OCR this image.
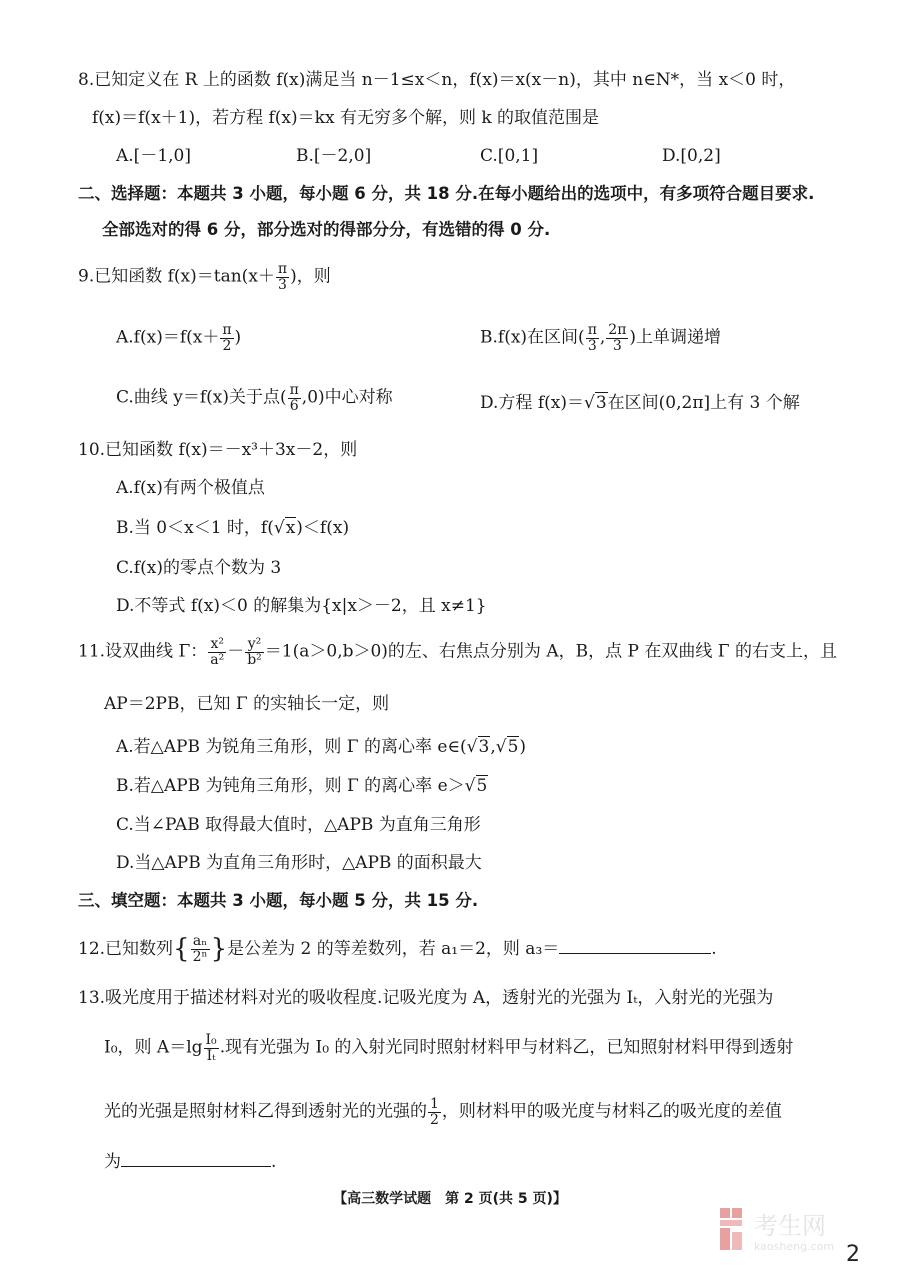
8.已知定义在 R 上的函数 f(x)满足当 n－1≤x＜n，f(x)＝x(x－n)，其中 n∈N*，当 x＜0 时，
f(x)＝f(x＋1)，若方程 f(x)＝kx 有无穷多个解，则 k 的取值范围是
A.[－1,0]	B.[－2,0]	C.[0,1]	D.[0,2]
二、选择题：本题共 3 小题，每小题 6 分，共 18 分.在每小题给出的选项中，有多项符合题目要求.
全部选对的得 6 分，部分选对的得部分分，有选错的得 0 分.
9.已知函数 $f(x)=\tan(x+ \frac{\pi}{3}$ )，则
$A.f(x)=f(x+ \frac{\pi}{2}$ )	B.f(x)在区间( $\frac{\pi}{3}$ , $\frac{2\pi}{3}$ )上单调递增
C.曲线 y＝f(x)关于点( $\frac{\pi}{6} ,0$)中心对称	D.方程 f(x)＝√3在区间(0,2π]上有 3 个解
10.已知函数 f(x)＝－x³＋3x－2，则
A.f(x)有两个极值点
B.当 0＜x＜1 时，f(√x)＜f(x)
C.f(x)的零点个数为 3
D.不等式 f(x)＜0 的解集为{x|x＞－2，且 x≠1}
11.设双曲线 Γ： $\frac{\text{x²}}{\text{a²}} - \frac{\text{y²}}{\text{b²}} =1(a>0,b>0)$的左、右焦点分别为 A，B，点 P 在双曲线 Γ 的右支上，且
AP＝2PB，已知 Γ 的实轴长一定，则
A.若△APB 为锐角三角形，则 Γ 的离心率 e∈(√3,√5)
B.若△APB 为钝角三角形，则 Γ 的离心率 e＞√5
C.当∠PAB 取得最大值时，△APB 为直角三角形
D.当△APB 为直角三角形时，△APB 的面积最大
三、填空题：本题共 3 小题，每小题 5 分，共 15 分.
12.已知数列{ $\frac{\text{aₙ}}{\text{2ⁿ}}$ }是公差为 2 的等差数列，若 a₁＝2，则 a₃＝	.
13.吸光度用于描述材料对光的吸收程度.记吸光度为 A，透射光的光强为 Iₜ，入射光的光强为
I₀，则 $A=\lg \frac{\text{I₀}}{\text{Iₜ}}$ .现有光强为 I₀ 的入射光同时照射材料甲与材料乙，已知照射材料甲得到透射
光的光强是照射材料乙得到透射光的光强的 $\frac{1}{2}$ ，则材料甲的吸光度与材料乙的吸光度的差值
为	.
【高三数学试题　第 2 页(共 5 页)】
考生网
kaosheng.com 2
